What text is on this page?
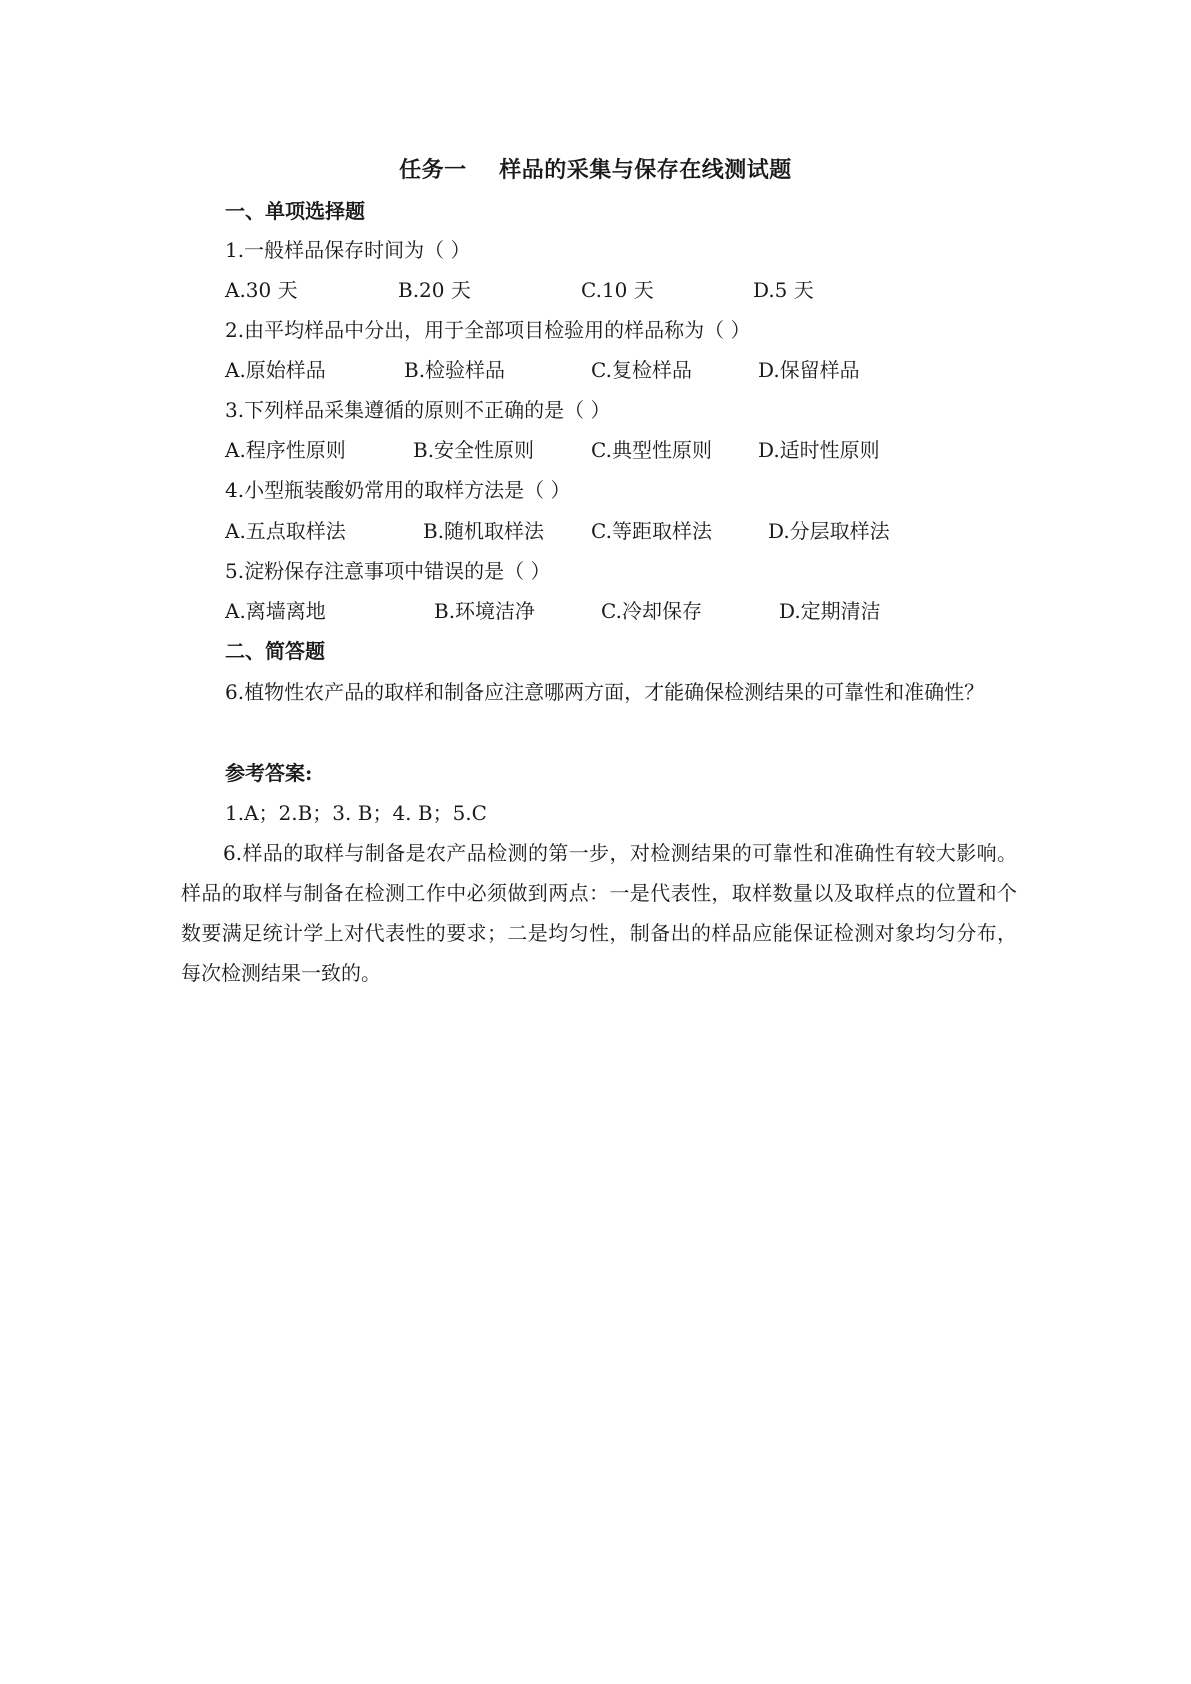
任务一    样品的采集与保存在线测试题
一、单项选择题
1.一般样品保存时间为（ ）
A.30 天	B.20 天	C.10 天	D.5 天
2.由平均样品中分出，用于全部项目检验用的样品称为（ ）
A.原始样品	B.检验样品	C.复检样品	D.保留样品
3.下列样品采集遵循的原则不正确的是（ ）
A.程序性原则	B.安全性原则	C.典型性原则 D.适时性原则
4.小型瓶装酸奶常用的取样方法是（ ）
A.五点取样法	B.随机取样法 C.等距取样法	D.分层取样法
5.淀粉保存注意事项中错误的是（ ）
A.离墙离地	B.环境洁净	C.冷却保存	D.定期清洁
二、简答题
6.植物性农产品的取样和制备应注意哪两方面，才能确保检测结果的可靠性和准确性？
参考答案:
1.A；2.B；3. B；4. B；5.C
6.样品的取样与制备是农产品检测的第一步，对检测结果的可靠性和准确性有较大影响。样品的取样与制备在检测工作中必须做到两点：一是代表性，取样数量以及取样点的位置和个数要满足统计学上对代表性的要求；二是均匀性，制备出的样品应能保证检测对象均匀分布，每次检测结果一致的。
